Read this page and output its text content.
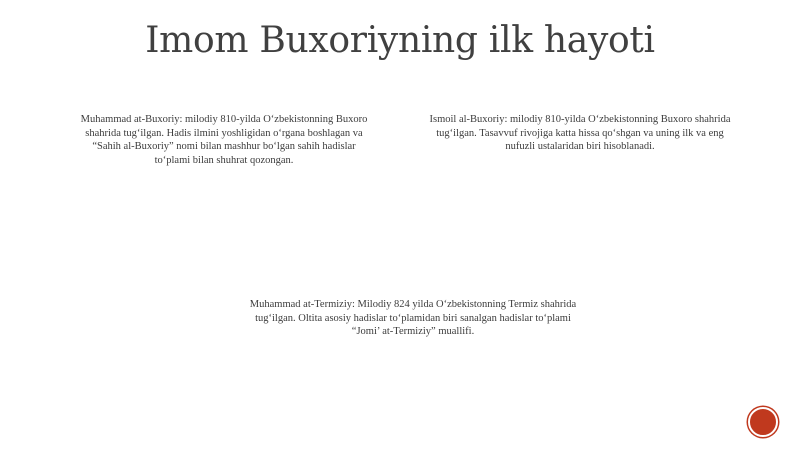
Imom Buxoriyning ilk hayoti
Muhammad at-Buxoriy: milodiy 810-yilda O‘zbekistonning Buxoro shahrida tug‘ilgan. Hadis ilmini yoshligidan o‘rgana boshlagan va “Sahih al-Buxoriy” nomi bilan mashhur bo‘lgan sahih hadislar to‘plami bilan shuhrat qozongan.
Ismoil al-Buxoriy: milodiy 810-yilda O‘zbekistonning Buxoro shahrida tug‘ilgan. Tasavvuf rivojiga katta hissa qo‘shgan va uning ilk va eng nufuzli ustalaridan biri hisoblanadi.
Muhammad at-Termiziy: Milodiy 824 yilda O‘zbekistonning Termiz shahrida tug‘ilgan. Oltita asosiy hadislar to‘plamidan biri sanalgan hadislar to‘plami “Jomi’ at-Termiziy” muallifi.
